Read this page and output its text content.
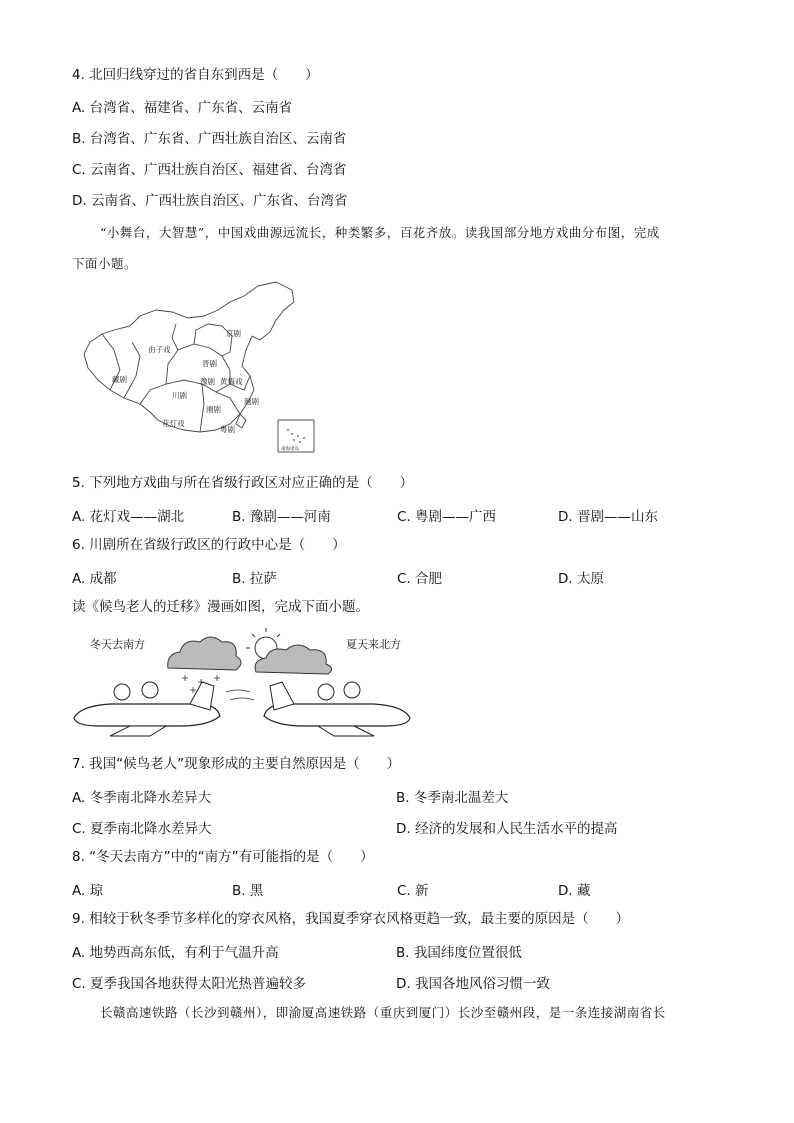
4. 北回归线穿过的省自东到西是（　　）
A. 台湾省、福建省、广东省、云南省
B. 台湾省、广东省、广西壮族自治区、云南省
C. 云南省、广西壮族自治区、福建省、台湾省
D. 云南省、广西壮族自治区、广东省、台湾省
“小舞台，大智慧”，中国戏曲源远流长，种类繁多，百花齐放。读我国部分地方戏曲分布图，完成
下面小题。
京剧
由子戏
晋剧
豫剧
藏剧
川剧
黄梅戏
越剧
湘剧
花灯戏
粤剧
南海诸岛
5. 下列地方戏曲与所在省级行政区对应正确的是（　　）
A. 花灯戏——湖北	B. 豫剧——河南	C. 粤剧——广西	D. 晋剧——山东
6. 川剧所在省级行政区的行政中心是（　　）
A. 成都	B. 拉萨	C. 合肥	D. 太原
读《候鸟老人的迁移》漫画如图，完成下面小题。
冬天去南方	夏天来北方
7. 我国“候鸟老人”现象形成的主要自然原因是（　　）
A. 冬季南北降水差异大	B. 冬季南北温差大
C. 夏季南北降水差异大	D. 经济的发展和人民生活水平的提高
8. “冬天去南方”中的“南方”有可能指的是（　　）
A. 琼	B. 黑	C. 新	D. 藏
9. 相较于秋冬季节多样化的穿衣风格，我国夏季穿衣风格更趋一致，最主要的原因是（　　）
A. 地势西高东低，有利于气温升高	B. 我国纬度位置很低
C. 夏季我国各地获得太阳光热普遍较多	D. 我国各地风俗习惯一致
长赣高速铁路（长沙到赣州），即渝厦高速铁路（重庆到厦门）长沙至赣州段，是一条连接湖南省长
